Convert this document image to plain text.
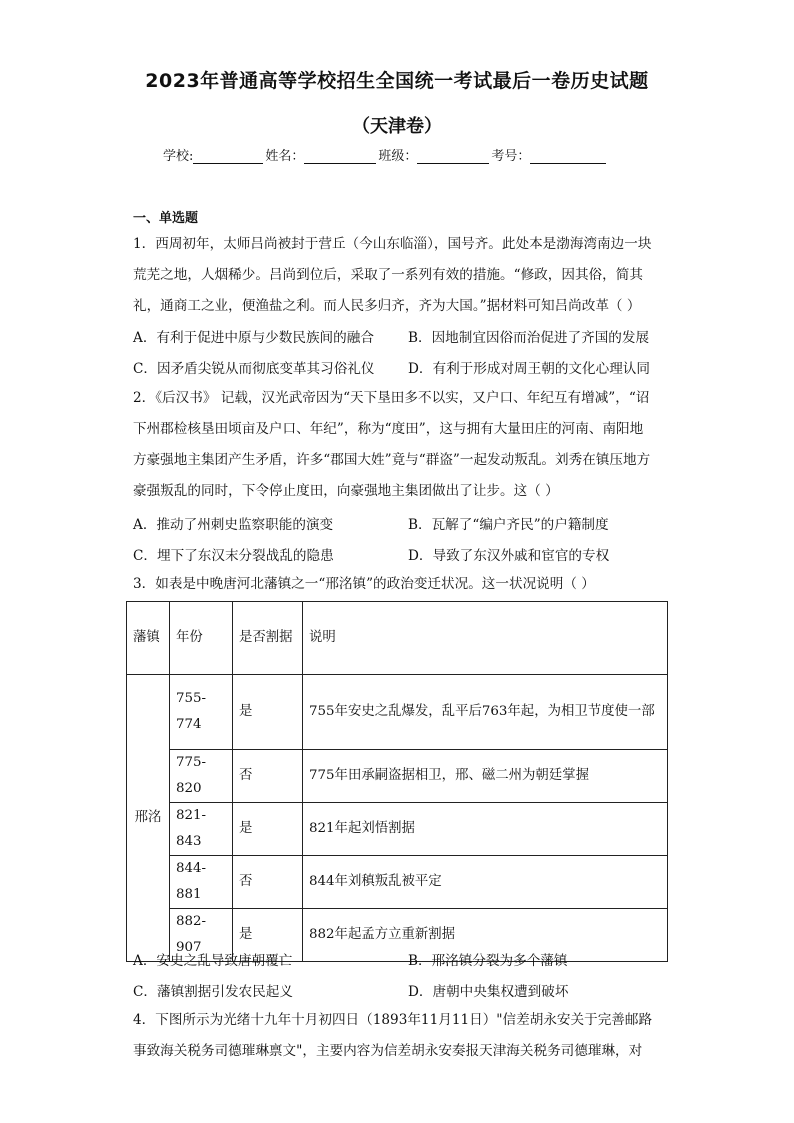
2023年普通高等学校招生全国统一考试最后一卷历史试题
（天津卷）
学校:	姓名：	班级：	考号：
一、单选题
1．西周初年，太师吕尚被封于营丘（今山东临淄），国号齐。此处本是渤海湾南边一块
荒芜之地，人烟稀少。吕尚到位后，采取了一系列有效的措施。“修政，因其俗，简其
礼，通商工之业，便渔盐之利。而人民多归齐，齐为大国。”据材料可知吕尚改革（ ）
A．有利于促进中原与少数民族间的融合	B．因地制宜因俗而治促进了齐国的发展
C．因矛盾尖锐从而彻底变革其习俗礼仪 D．有利于形成对周王朝的文化心理认同
2．《后汉书》 记载，汉光武帝因为“天下垦田多不以实，又户口、年纪互有增减”，“诏
下州郡检核垦田顷亩及户口、年纪”，称为“度田”，这与拥有大量田庄的河南、南阳地
方豪强地主集团产生矛盾，许多“郡国大姓”竟与“群盗”一起发动叛乱。刘秀在镇压地方
豪强叛乱的同时，下令停止度田，向豪强地主集团做出了让步。这（ ）
A．推动了州刺史监察职能的演变	B．瓦解了“编户齐民”的户籍制度
C．埋下了东汉末分裂战乱的隐患	D．导致了东汉外戚和宦官的专权
3．如表是中晚唐河北藩镇之一“邢洺镇”的政治变迁状况。这一状况说明（ ）
藩镇	年份	是否割据	说明
邢洺	755-774	是	755年安史之乱爆发，乱平后763年起，为相卫节度使一部
	775-820	否	775年田承嗣盗据相卫，邢、磁二州为朝廷掌握
	821-843	是	821年起刘悟割据
	844-881	否	844年刘稹叛乱被平定
	882-907	是	882年起孟方立重新割据
A．安史之乱导致唐朝覆亡	B．邢洺镇分裂为多个藩镇
C．藩镇割据引发农民起义	D．唐朝中央集权遭到破坏
4．下图所示为光绪十九年十月初四日（1893年11月11日）"信差胡永安关于完善邮路
事致海关税务司德璀琳禀文"，主要内容为信差胡永安奏报天津海关税务司德璀琳，对
